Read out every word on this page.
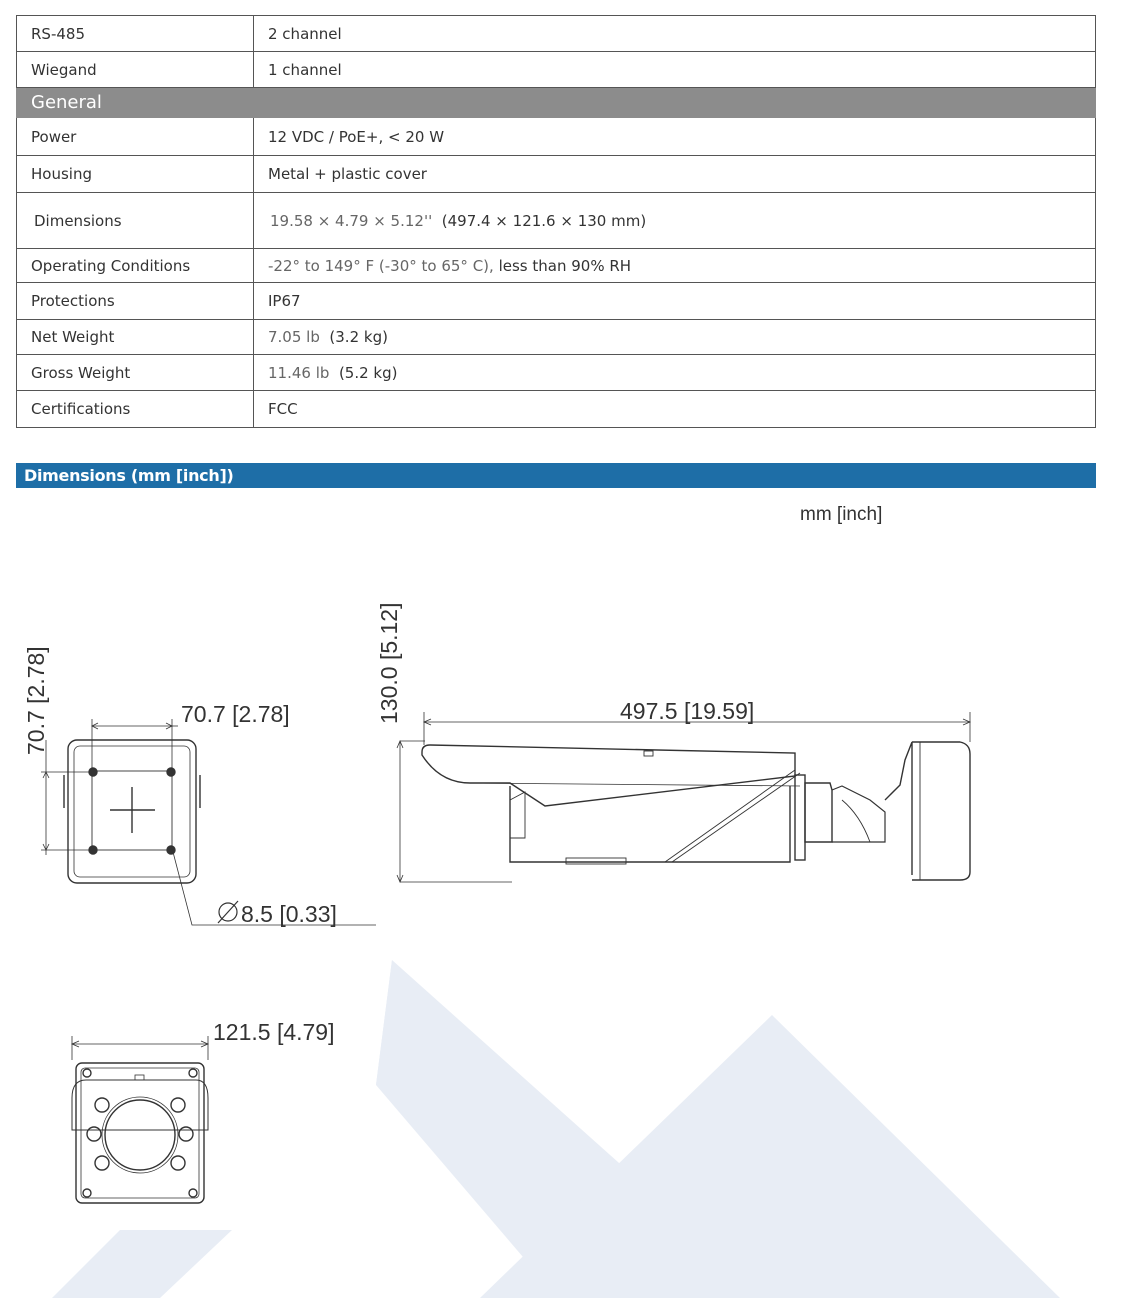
RS-485	2 channel
Wiegand	1 channel
General	
Power	12 VDC / PoE+, < 20 W
Housing	Metal + plastic cover
Dimensions	19.58 × 4.79 × 5.12'' (497.4 × 121.6 × 130 mm)
Operating Conditions	-22° to 149° F (-30° to 65° C), less than 90% RH
Protections	IP67
Net Weight	7.05 lb (3.2 kg)
Gross Weight	11.46 lb (5.2 kg)
Certifications	FCC
Dimensions (mm [inch])
mm [inch]
70.7 [2.78]
70.7 [2.78]
8.5 [0.33]
497.5 [19.59]
130.0 [5.12]
121.5 [4.79]
